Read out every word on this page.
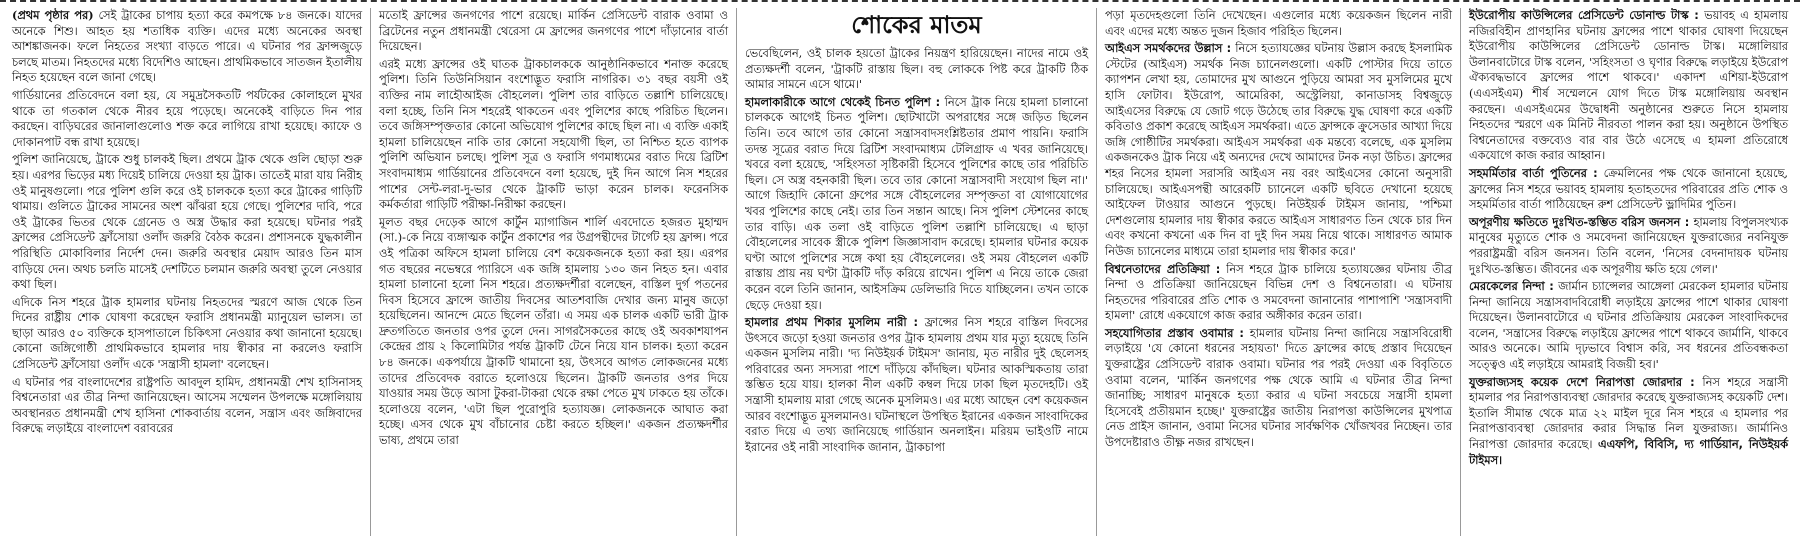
(প্রথম পৃষ্ঠার পর) সেই ট্রাকের চাপায় হত্যা করে কমপক্ষে ৮৪ জনকে। যাদের অনেকে শিশু। আহত হয় শতাধিক ব্যক্তি। এদের মধ্যে অনেকের অবস্থা আশঙ্কাজনক। ফলে নিহতের সংখ্যা বাড়তে পারে। এ ঘটনার পর ফ্রান্সজুড়ে চলছে মাতম। নিহতদের মধ্যে বিদেশিও আছেন। প্রাথমিকভাবে সাতজন ইতালীয় নিহত হয়েছেন বলে জানা গেছে।

গার্ডিয়ানের প্রতিবেদনে বলা হয়, যে সমুদ্রসৈকতটি পর্যটকের কোলাহলে মুখর থাকে তা গতকাল থেকে নীরব হয়ে পড়েছে। অনেকেই বাড়িতে দিন পার করছেন। বাড়িঘরের জানালাগুলোও শক্ত করে লাগিয়ে রাখা হয়েছে। ক্যাফে ও দোকানপাট বন্ধ রাখা হয়েছে।

পুলিশ জানিয়েছে, ট্রাকে শুধু চালকই ছিল। প্রথমে ট্রাক থেকে গুলি ছোড়া শুরু হয়। এরপর ভিড়ের মধ্য দিয়েই চালিয়ে দেওয়া হয় ট্রাক। তাতেই মারা যায় নিরীহ ওই মানুষগুলো। পরে পুলিশ গুলি করে ওই চালককে হত্যা করে ট্রাকের গাড়িটি থামায়। গুলিতে ট্রাকের সামনের অংশ ঝাঁঝরা হয়ে গেছে। পুলিশের দাবি, পরে ওই ট্রাকের ভিতর থেকে গ্রেনেড ও অস্ত্র উদ্ধার করা হয়েছে। ঘটনার পরই ফ্রান্সের প্রেসিডেন্ট ফ্রাঁসোয়া ওলাঁদ জরুরি বৈঠক করেন। প্রশাসনকে যুদ্ধকালীন পরিস্থিতি মোকাবিলার নির্দেশ দেন। জরুরি অবস্থার মেয়াদ আরও তিন মাস বাড়িয়ে দেন। অথচ চলতি মাসেই দেশটিতে চলমান জরুরি অবস্থা তুলে নেওয়ার কথা ছিল।

এদিকে নিস শহরে ট্রাক হামলার ঘটনায় নিহতদের স্মরণে আজ থেকে তিন দিনের রাষ্ট্রীয় শোক ঘোষণা করেছেন ফরাসি প্রধানমন্ত্রী ম্যানুয়েল ভালস। তা ছাড়া আরও ৫০ ব্যক্তিকে হাসপাতালে চিকিৎসা নেওয়ার কথা জানানো হয়েছে। কোনো জঙ্গিগোষ্ঠী প্রাথমিকভাবে হামলার দায় স্বীকার না করলেও ফরাসি প্রেসিডেন্ট ফ্রাঁসোয়া ওলাঁদ একে 'সন্ত্রাসী হামলা' বলেছেন।

এ ঘটনার পর বাংলাদেশের রাষ্ট্রপতি আবদুল হামিদ, প্রধানমন্ত্রী শেখ হাসিনাসহ বিশ্বনেতারা এর তীব্র নিন্দা জানিয়েছেন। আসেম সম্মেলন উপলক্ষে মঙ্গোলিয়ায় অবস্থানরত প্রধানমন্ত্রী শেখ হাসিনা শোকবার্তায় বলেন, সন্ত্রাস এবং জঙ্গিবাদের বিরুদ্ধে লড়াইয়ে বাংলাদেশ বরাবরের

মতোই ফ্রান্সের জনগণের পাশে রয়েছে। মার্কিন প্রেসিডেন্ট বারাক ওবামা ও ব্রিটেনের নতুন প্রধানমন্ত্রী থেরেসা মে ফ্রান্সের জনগণের পাশে দাঁড়ানোর বার্তা দিয়েছেন।

এরই মধ্যে ফ্রান্সের ওই ঘাতক ট্রাকচালককে আনুষ্ঠানিকভাবে শনাক্ত করেছে পুলিশ। তিনি তিউনিসিয়ান বংশোদ্ভূত ফরাসি নাগরিক। ৩১ বছর বয়সী ওই ব্যক্তির নাম লাহৌআইজ বৌহলেল। পুলিশ তার বাড়িতে তল্লাশি চালিয়েছে। বলা হচ্ছে, তিনি নিস শহরেই থাকতেন এবং পুলিশের কাছে পরিচিত ছিলেন। তবে জঙ্গিসম্পৃক্ততার কোনো অভিযোগ পুলিশের কাছে ছিল না। এ ব্যক্তি একাই হামলা চালিয়েছেন নাকি তার কোনো সহযোগী ছিল, তা নিশ্চিত হতে ব্যাপক পুলিশি অভিযান চলছে। পুলিশ সূত্র ও ফরাসি গণমাধ্যমের বরাত দিয়ে ব্রিটিশ সংবাদমাধ্যম গার্ডিয়ানের প্রতিবেদনে বলা হয়েছে, দুই দিন আগে নিস শহরের পাশের সেন্ট-লরা-দু-ভার থেকে ট্রাকটি ভাড়া করেন চালক। ফরেনসিক কর্মকর্তারা গাড়িটি পরীক্ষা-নিরীক্ষা করছেন।

মূলত বছর দেড়েক আগে কার্টুন ম্যাগাজিন শার্লি এবদোতে হজরত মুহাম্মদ (সা.)-কে নিয়ে ব্যঙ্গাত্মক কার্টুন প্রকাশের পর উগ্রপন্থীদের টার্গেট হয় ফ্রান্স। পরে ওই পত্রিকা অফিসে হামলা চালিয়ে বেশ কয়েকজনকে হত্যা করা হয়। এরপর গত বছরের নভেম্বরে প্যারিসে এক জঙ্গি হামলায় ১৩০ জন নিহত হন। এবার হামলা চালানো হলো নিস শহরে। প্রত্যক্ষদর্শীরা বলেছেন, বাস্তিল দুর্গ পতনের দিবস হিসেবে ফ্রান্সে জাতীয় দিবসের আতশবাজি দেখার জন্য মানুষ জড়ো হয়েছিলেন। আনন্দে মেতে ছিলেন তাঁরা। এ সময় এক চালক একটি ভারী ট্রাক দ্রুতগতিতে জনতার ওপর তুলে দেন। সাগরসৈকতের কাছে ওই অবকাশযাপন কেন্দ্রের প্রায় ২ কিলোমিটার পর্যন্ত ট্রাকটি টেনে নিয়ে যান চালক। হত্যা করেন ৮৪ জনকে। একপর্যায়ে ট্রাকটি থামানো হয়, উৎসবে আগত লোকজনের মধ্যে তাদের প্রতিবেদক বরাতে হলোওয়ে ছিলেন। ট্রাকটি জনতার ওপর দিয়ে যাওয়ার সময় উড়ে আসা টুকরা-টাকরা থেকে রক্ষা পেতে মুখ ঢাকতে হয় তাঁকে। হলোওয়ে বলেন, 'এটা ছিল পুরোপুরি হত্যাযজ্ঞ। লোকজনকে আঘাত করা হচ্ছে। এসব থেকে মুখ বাঁচানোর চেষ্টা করতে হচ্ছিল।' একজন প্রত্যক্ষদর্শীর ভাষ্য, প্রথমে তারা

শোকের মাতম

ভেবেছিলেন, ওই চালক হয়তো ট্রাকের নিয়ন্ত্রণ হারিয়েছেন। নাদের নামে ওই প্রত্যক্ষদর্শী বলেন, 'ট্রাকটি রাস্তায় ছিল। বহু লোককে পিষ্ট করে ট্রাকটি ঠিক আমার সামনে এসে থামে।'

হামলাকারীকে আগে থেকেই চিনত পুলিশ : নিসে ট্রাক নিয়ে হামলা চালানো চালককে আগেই চিনত পুলিশ। ছোটখাটো অপরাধের সঙ্গে জড়িত ছিলেন তিনি। তবে আগে তার কোনো সন্ত্রাসবাদসংশ্লিষ্টতার প্রমাণ পায়নি। ফরাসি তদন্ত সূত্রের বরাত দিয়ে ব্রিটিশ সংবাদমাধ্যম টেলিগ্রাফ এ খবর জানিয়েছে। খবরে বলা হয়েছে, 'সহিংসতা সৃষ্টিকারী হিসেবে পুলিশের কাছে তার পরিচিতি ছিল। সে অস্ত্র বহনকারী ছিল। তবে তার কোনো সন্ত্রাসবাদী সংযোগ ছিল না।' আগে জিহাদি কোনো গ্রুপের সঙ্গে বৌহলেলের সম্পৃক্ততা বা যোগাযোগের খবর পুলিশের কাছে নেই। তার তিন সন্তান আছে। নিস পুলিশ স্টেশনের কাছে তার বাড়ি। এক তলা ওই বাড়িতে পুলিশ তল্লাশি চালিয়েছে। এ ছাড়া বৌহলেলের সাবেক স্ত্রীকে পুলিশ জিজ্ঞাসাবাদ করেছে। হামলার ঘটনার কয়েক ঘণ্টা আগে পুলিশের সঙ্গে কথা হয় বৌহলেলের। ওই সময় বৌহলেল একটি রাস্তায় প্রায় নয় ঘণ্টা ট্রাকটি দাঁড় করিয়ে রাখেন। পুলিশ এ নিয়ে তাকে জেরা করেন বলে তিনি জানান, আইসক্রিম ডেলিভারি দিতে যাচ্ছিলেন। তখন তাকে ছেড়ে দেওয়া হয়।

হামলার প্রথম শিকার মুসলিম নারী : ফ্রান্সের নিস শহরে বাস্তিল দিবসের উৎসবে জড়ো হওয়া জনতার ওপর ট্রাক হামলায় প্রথম যার মৃত্যু হয়েছে তিনি একজন মুসলিম নারী। 'দ্য নিউইয়র্ক টাইমস' জানায়, মৃত নারীর দুই ছেলেসহ পরিবারের অন্য সদস্যরা পাশে দাঁড়িয়ে কাঁদছিল। ঘটনার আকস্মিকতায় তারা স্তম্ভিত হয়ে যায়। হালকা নীল একটি কম্বল দিয়ে ঢাকা ছিল মৃতদেহটি। ওই সন্ত্রাসী হামলায় মারা গেছে অনেক মুসলিমও। এর মধ্যে আছেন বেশ কয়েকজন আরব বংশোদ্ভূত মুসলমানও। ঘটনাস্থলে উপস্থিত ইরানের একজন সাংবাদিকের বরাত দিয়ে এ তথ্য জানিয়েছে গার্ডিয়ান অনলাইন। মরিয়ম ভাইওটি নামে ইরানের ওই নারী সাংবাদিক জানান, ট্রাকচাপা

পড়া মৃতদেহগুলো তিনি দেখেছেন। এগুলোর মধ্যে কয়েকজন ছিলেন নারী এবং এদের মধ্যে অন্তত দুজন হিজাব পরিহিত ছিলেন।

আইএস সমর্থকদের উল্লাস : নিসে হত্যাযজ্ঞের ঘটনায় উল্লাস করছে ইসলামিক স্টেটের (আইএস) সমর্থক নিজ চ্যানেলগুলো। একটি পোস্টার দিয়ে তাতে ক্যাপশন লেখা হয়, তোমাদের মুখ আগুনে পুড়িয়ে আমরা সব মুসলিমের মুখে হাসি ফোটাব। ইউরোপ, আমেরিকা, অস্ট্রেলিয়া, কানাডাসহ বিশ্বজুড়ে আইএসের বিরুদ্ধে যে জোট গড়ে উঠেছে তার বিরুদ্ধে যুদ্ধ ঘোষণা করে একটি কবিতাও প্রকাশ করেছে আইএস সমর্থকরা। এতে ফ্রান্সকে ক্রুসেডার আখ্যা দিয়ে জঙ্গি গোষ্ঠীটির সমর্থকরা। আইএস সমর্থকরা এক মন্তব্যে বলেছে, এক মুসলিম একজনকেও ট্রাক নিয়ে এই অন্যদের দেখে আমাদের টনক নড়া উচিত। ফ্রান্সের শহর নিসের হামলা সরাসরি আইএস নয় বরং আইএসের কোনো অনুসারী চালিয়েছে। আইএসপন্থী আরেকটি চ্যানেলে একটি ছবিতে দেখানো হয়েছে আইফেল টাওয়ার আগুনে পুড়ছে। নিউইয়র্ক টাইমস জানায়, 'পশ্চিমা দেশগুলোয় হামলার দায় স্বীকার করতে আইএস সাধারণত তিন থেকে চার দিন এবং কখনো কখনো এক দিন বা দুই দিন সময় নিয়ে থাকে। সাধারণত আমাক নিউজ চ্যানেলের মাধ্যমে তারা হামলার দায় স্বীকার করে।'

বিশ্বনেতাদের প্রতিক্রিয়া : নিস শহরে ট্রাক চালিয়ে হত্যাযজ্ঞের ঘটনায় তীব্র নিন্দা ও প্রতিক্রিয়া জানিয়েছেন বিভিন্ন দেশ ও বিশ্বনেতারা। এ ঘটনায় নিহতদের পরিবারের প্রতি শোক ও সমবেদনা জানানোর পাশাপাশি 'সন্ত্রাসবাদী হামলা' রোধে একযোগে কাজ করার অঙ্গীকার করেন তারা।

সহযোগিতার প্রস্তাব ওবামার : হামলার ঘটনায় নিন্দা জানিয়ে সন্ত্রাসবিরোধী লড়াইয়ে 'যে কোনো ধরনের সহায়তা' দিতে ফ্রান্সের কাছে প্রস্তাব দিয়েছেন যুক্তরাষ্ট্রের প্রেসিডেন্ট বারাক ওবামা। ঘটনার পর পরই দেওয়া এক বিবৃতিতে ওবামা বলেন, 'মার্কিন জনগণের পক্ষ থেকে আমি এ ঘটনার তীব্র নিন্দা জানাচ্ছি; সাধারণ মানুষকে হত্যা করার এ ঘটনা সবচেয়ে সন্ত্রাসী হামলা হিসেবেই প্রতীয়মান হচ্ছে।' যুক্তরাষ্ট্রের জাতীয় নিরাপত্তা কাউন্সিলের মুখপাত্র নেড প্রাইস জানান, ওবামা নিসের ঘটনার সার্বক্ষণিক খোঁজখবর নিচ্ছেন। তার উপদেষ্টারাও তীক্ষ্ণ নজর রাখছেন।

ইউরোপীয় কাউন্সিলের প্রেসিডেন্ট ডোনাল্ড টাস্ক : ভয়াবহ এ হামলায় নজিরবিহীন প্রাণহানির ঘটনায় ফ্রান্সের পাশে থাকার ঘোষণা দিয়েছেন ইউরোপীয় কাউন্সিলের প্রেসিডেন্ট ডোনাল্ড টাস্ক। মঙ্গোলিয়ার উলানবাটোরে টাস্ক বলেন, 'সহিংসতা ও ঘৃণার বিরুদ্ধে লড়াইয়ে ইউরোপ ঐক্যবদ্ধভাবে ফ্রান্সের পাশে থাকবে।' একাদশ এশিয়া-ইউরোপ (এএসইএম) শীর্ষ সম্মেলনে যোগ দিতে টাস্ক মঙ্গোলিয়ায় অবস্থান করছেন। এএসইএমের উদ্বোধনী অনুষ্ঠানের শুরুতে নিসে হামলায় নিহতদের স্মরণে এক মিনিট নীরবতা পালন করা হয়। অনুষ্ঠানে উপস্থিত বিশ্বনেতাদের বক্তব্যেও বার বার উঠে এসেছে এ হামলা প্রতিরোধে একযোগে কাজ করার আহ্বান।

সহমর্মিতার বার্তা পুতিনের : ক্রেমলিনের পক্ষ থেকে জানানো হয়েছে, ফ্রান্সের নিস শহরে ভয়াবহ হামলায় হতাহতদের পরিবারের প্রতি শোক ও সহমর্মিতার বার্তা পাঠিয়েছেন রুশ প্রেসিডেন্ট ভ্লাদিমির পুতিন।

অপূরণীয় ক্ষতিতে দুঃখিত-স্তম্ভিত বরিস জনসন : হামলায় বিপুলসংখ্যক মানুষের মৃত্যুতে শোক ও সমবেদনা জানিয়েছেন যুক্তরাজ্যের নবনিযুক্ত পররাষ্ট্রমন্ত্রী বরিস জনসন। তিনি বলেন, 'নিসের বেদনাদায়ক ঘটনায় দুঃখিত-স্তম্ভিত। জীবনের এক অপূরণীয় ক্ষতি হয়ে গেল।'

মেরকেলের নিন্দা : জার্মান চ্যান্সেলর আঙ্গেলা মেরকেল হামলার ঘটনায় নিন্দা জানিয়ে সন্ত্রাসবাদবিরোধী লড়াইয়ে ফ্রান্সের পাশে থাকার ঘোষণা দিয়েছেন। উলানবাটোরে এ ঘটনার প্রতিক্রিয়ায় মেরকেল সাংবাদিকদের বলেন, 'সন্ত্রাসের বিরুদ্ধে লড়াইয়ে ফ্রান্সের পাশে থাকবে জার্মানি, থাকবে আরও অনেকে। আমি দৃঢ়ভাবে বিশ্বাস করি, সব ধরনের প্রতিবন্ধকতা সত্ত্বেও এই লড়াইয়ে আমরাই বিজয়ী হব।'

যুক্তরাজ্যসহ কয়েক দেশে নিরাপত্তা জোরদার : নিস শহরে সন্ত্রাসী হামলার পর নিরাপত্তাব্যবস্থা জোরদার করেছে যুক্তরাজ্যসহ কয়েকটি দেশ। ইতালি সীমান্ত থেকে মাত্র ২২ মাইল দূরে নিস শহরে এ হামলার পর নিরাপত্তাব্যবস্থা জোরদার করার সিদ্ধান্ত নিল যুক্তরাজ্য। জার্মানিও নিরাপত্তা জোরদার করেছে। এএফপি, বিবিসি, দ্য গার্ডিয়ান, নিউইয়র্ক টাইমস।
